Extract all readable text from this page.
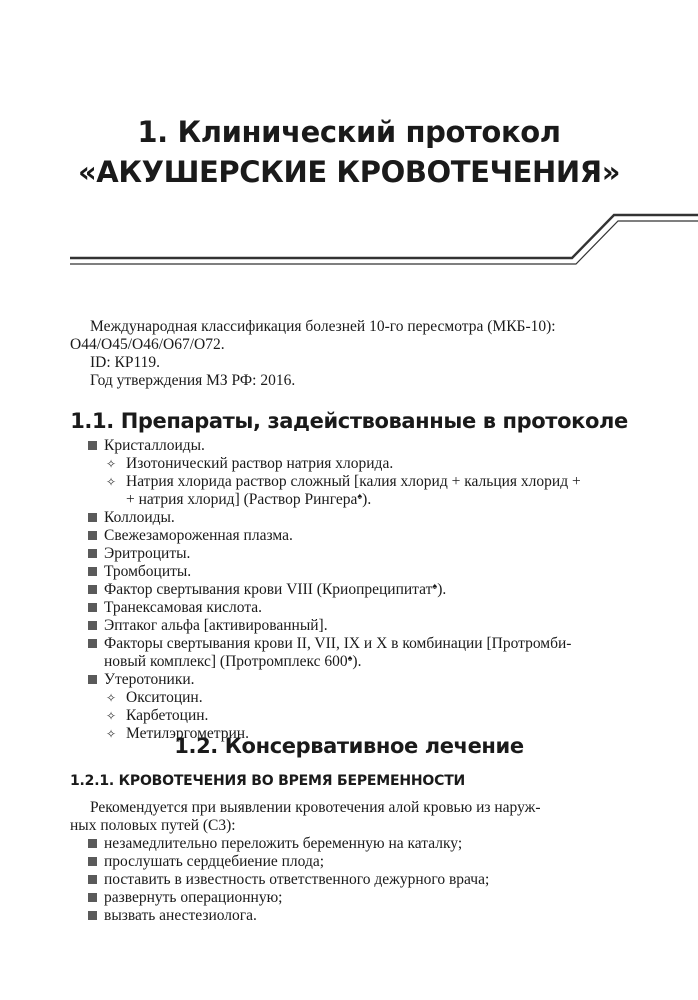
1. Клинический протокол
«АКУШЕРСКИЕ КРОВОТЕЧЕНИЯ»
Международная классификация болезней 10-го пересмотра (МКБ-10):
O44/O45/O46/O67/O72.
ID: КР119.
Год утверждения МЗ РФ: 2016.
1.1. Препараты, задействованные в протоколе
Кристаллоиды.
✧ Изотонический раствор натрия хлорида.
✧ Натрия хлорида раствор сложный [калия хлорид + кальция хлорид +
+ натрия хлорид] (Раствор Рингера♠).
Коллоиды.
Свежезамороженная плазма.
Эритроциты.
Тромбоциты.
Фактор свертывания крови VIII (Криопреципитат♠).
Транексамовая кислота.
Эптаког альфа [активированный].
Факторы свертывания крови II, VII, IX и X в комбинации [Протромби-
новый комплекс] (Протромплекс 600♠).
Утеротоники.
✧ Окситоцин.
✧ Карбетоцин.
✧ Метилэргометрин.
1.2. Консервативное лечение
1.2.1. КРОВОТЕЧЕНИЯ ВО ВРЕМЯ БЕРЕМЕННОСТИ
Рекомендуется при выявлении кровотечения алой кровью из наруж-
ных половых путей (С3):
незамедлительно переложить беременную на каталку;
прослушать сердцебиение плода;
поставить в известность ответственного дежурного врача;
развернуть операционную;
вызвать анестезиолога.
